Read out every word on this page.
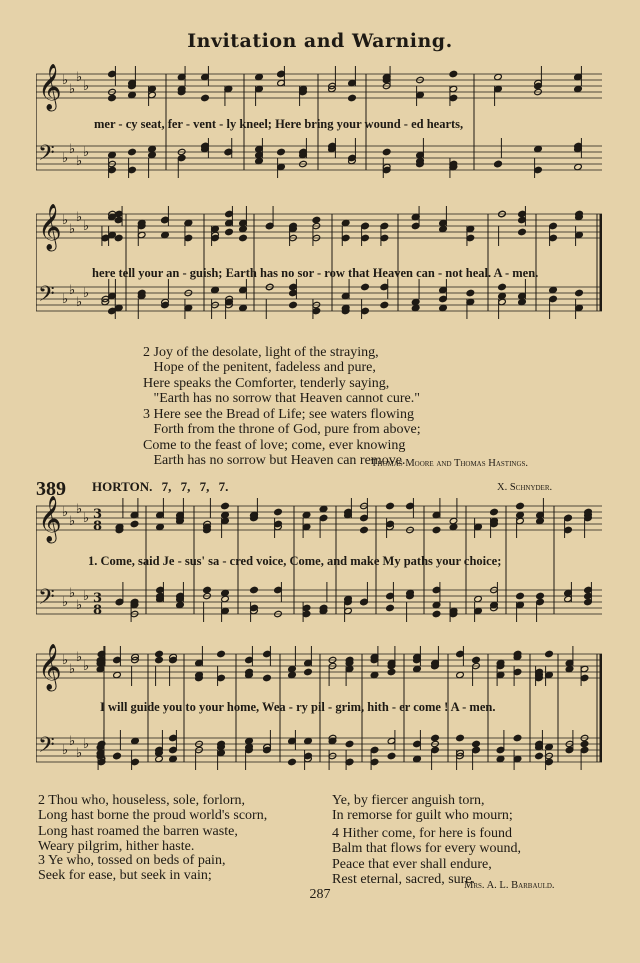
Invitation and Warning.
𝄞 ♭
♭
♭
♭
𝄢 ♭
♭
♭
♭
mer - cy seat, fer - vent - ly kneel; Here bring your wound - ed hearts,
𝄞 ♭
♭
♭
♭
𝄢 ♭
♭
♭
♭
here tell your an - guish; Earth has no sor - row that Heaven can - not heal. A - men.
2 Joy of the desolate, light of the straying,
Hope of the penitent, fadeless and pure,
Here speaks the Comforter, tenderly saying,
"Earth has no sorrow that Heaven cannot cure."
3 Here see the Bread of Life; see waters flowing
Forth from the throne of God, pure from above;
Come to the feast of love; come, ever knowing
Earth has no sorrow but Heaven can remove.
Thomas Moore and Thomas Hastings.
389 HORTON. 7, 7, 7, 7.	X. Schnyder.
𝄞 ♭
♭
♭
♭ 3
8
𝄢 ♭
♭
♭
♭ 3
8
1. Come, said Je - sus' sa - cred voice, Come, and make My paths your choice;
𝄞 ♭
♭
♭
♭
𝄢 ♭
♭
♭
♭
I will guide you to your home, Wea - ry pil - grim, hith - er come ! A - men.
2 Thou who, houseless, sole, forlorn,
Long hast borne the proud world's scorn,
Long hast roamed the barren waste,
Weary pilgrim, hither haste.
3 Ye who, tossed on beds of pain,
Seek for ease, but seek in vain;
Ye, by fiercer anguish torn,
In remorse for guilt who mourn;
4 Hither come, for here is found
Balm that flows for every wound,
Peace that ever shall endure,
Rest eternal, sacred, sure.
Mrs. A. L. Barbauld.
287
